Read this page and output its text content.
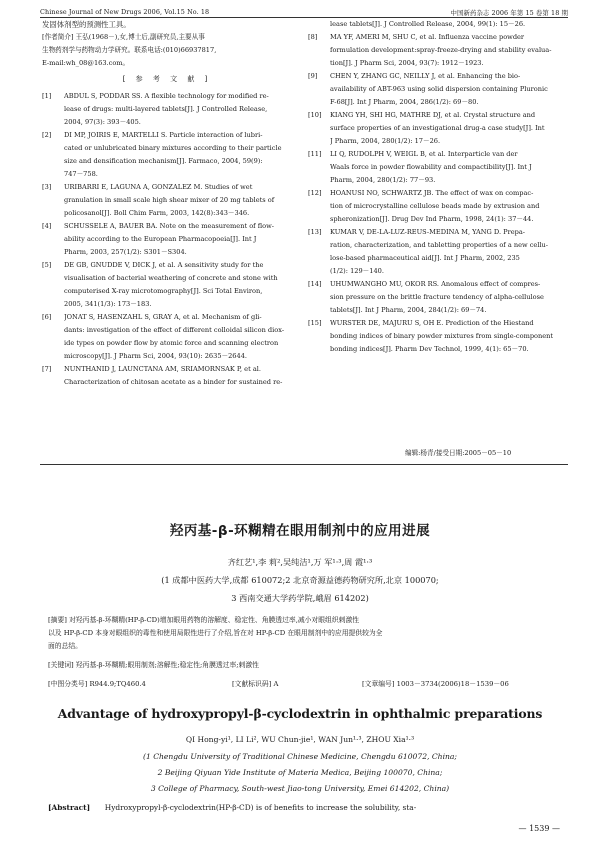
Chinese Journal of New Drugs 2006, Vol.15 No. 18	中国新药杂志 2006 年第 15 卷第 18 期
发固体剂型的预测性工具。
[作者简介] 王弘(1968－),女,博士后,副研究员,主要从事
生物药剂学与药物动力学研究。联系电话:(010)66937817,
E-mail:wh_08@163.com。
[ 参 考 文 献 ]
[1]	ABDUL S, PODDAR SS. A flexible technology for modified re-
lease of drugs: multi-layered tablets[J]. J Controlled Release,
2004, 97(3): 393－405.
[2]	DI MP, JOIRIS E, MARTELLI S. Particle interaction of lubri-
cated or unlubricated binary mixtures according to their particle
size and densification mechanism[J]. Farmaco, 2004, 59(9):
747－758.
[3]	URIBARRI E, LAGUNA A, GONZALEZ M. Studies of wet
granulation in small scale high shear mixer of 20 mg tablets of
policosanol[J]. Boll Chim Farm, 2003, 142(8):343－346.
[4]	SCHUSSELE A, BAUER BA. Note on the measurement of flow-
ability according to the European Pharmacopoeia[J]. Int J
Pharm, 2003, 257(1/2): S301－S304.
[5]	DE GB, GNUDDE V, DICK J, et al. A sensitivity study for the
visualisation of bacterial weathering of concrete and stone with
computerised X-ray microtomography[J]. Sci Total Environ,
2005, 341(1/3): 173－183.
[6]	JONAT S, HASENZAHL S, GRAY A, et al. Mechanism of gli-
dants: investigation of the effect of different colloidal silicon diox-
ide types on powder flow by atomic force and scanning electron
microscopy[J]. J Pharm Sci, 2004, 93(10): 2635－2644.
[7]	NUNTHANID J, LAUNCTANA AM, SRIAMORNSAK P, et al.
Characterization of chitosan acetate as a binder for sustained re-
lease tablets[J]. J Controlled Release, 2004, 99(1): 15－26.
[8]	MA YF, AMERI M, SHU C, et al. Influenza vaccine powder
formulation development:spray-freeze-drying and stability evalua-
tion[J]. J Pharm Sci, 2004, 93(7): 1912－1923.
[9]	CHEN Y, ZHANG GC, NEILLY J, et al. Enhancing the bio-
availability of ABT-963 using solid dispersion containing Pluronic
F-68[J]. Int J Pharm, 2004, 286(1/2): 69－80.
[10]	KIANG YH, SHI HG, MATHRE DJ, et al. Crystal structure and
surface properties of an investigational drug-a case study[J]. Int
J Pharm, 2004, 280(1/2): 17－26.
[11]	LI Q, RUDOLPH V, WEIGL B, et al. Interparticle van der
Waals force in powder flowability and compactibility[J]. Int J
Pharm, 2004, 280(1/2): 77－93.
[12]	HOANUSI NO, SCHWARTZ JB. The effect of wax on compac-
tion of microcrystalline cellulose beads made by extrusion and
spheronization[J]. Drug Dev Ind Pharm, 1998, 24(1): 37－44.
[13]	KUMAR V, DE-LA-LUZ-REUS-MEDINA M, YANG D. Prepa-
ration, characterization, and tabletting properties of a new cellu-
lose-based pharmaceutical aid[J]. Int J Pharm, 2002, 235
(1/2): 129－140.
[14]	UHUMWANGHO MU, OKOR RS. Anomalous effect of compres-
sion pressure on the brittle fracture tendency of alpha-cellulose
tablets[J]. Int J Pharm, 2004, 284(1/2): 69－74.
[15]	WURSTER DE, MAJURU S, OH E. Prediction of the Hiestand
bonding indices of binary powder mixtures from single-component
bonding indices[J]. Pharm Dev Technol, 1999, 4(1): 65－70.
编辑:杨青/接受日期:2005－05－10
羟丙基-β-环糊精在眼用制剂中的应用进展
齐红艺¹,李 莉²,吴纯洁¹,万 军¹·³,周 霞¹·³
(1 成都中医药大学,成都 610072;2 北京奇源益德药物研究所,北京 100070;
3 西南交通大学药学院,峨眉 614202)
[摘要] 对羟丙基-β-环糊精(HP-β-CD)增加眼用药物的溶解度、稳定性、角膜透过率,减小对眼组织刺激性
以及 HP-β-CD 本身对眼组织的毒性和使用局限性进行了介绍,旨在对 HP-β-CD 在眼用制剂中的应用提供较为全
面的总结。
[关键词] 羟丙基-β-环糊精;眼用制剂;溶解性;稳定性;角膜透过率;刺激性
[中图分类号] R944.9;TQ460.4	[文献标识码] A	[文章编号] 1003－3734(2006)18－1539－06
Advantage of hydroxypropyl-β-cyclodextrin in ophthalmic preparations
QI Hong-yi¹, LI Li², WU Chun-jie¹, WAN Jun¹·³, ZHOU Xia¹·³
(1 Chengdu University of Traditional Chinese Medicine, Chengdu 610072, China;
2 Beijing Qiyuan Yide Institute of Materia Medica, Beijing 100070, China;
3 College of Pharmacy, South-west Jiao-tong University, Emei 614202, China)
[Abstract] Hydroxypropyl-β-cyclodextrin(HP-β-CD) is of benefits to increase the solubility, sta-
— 1539 —
